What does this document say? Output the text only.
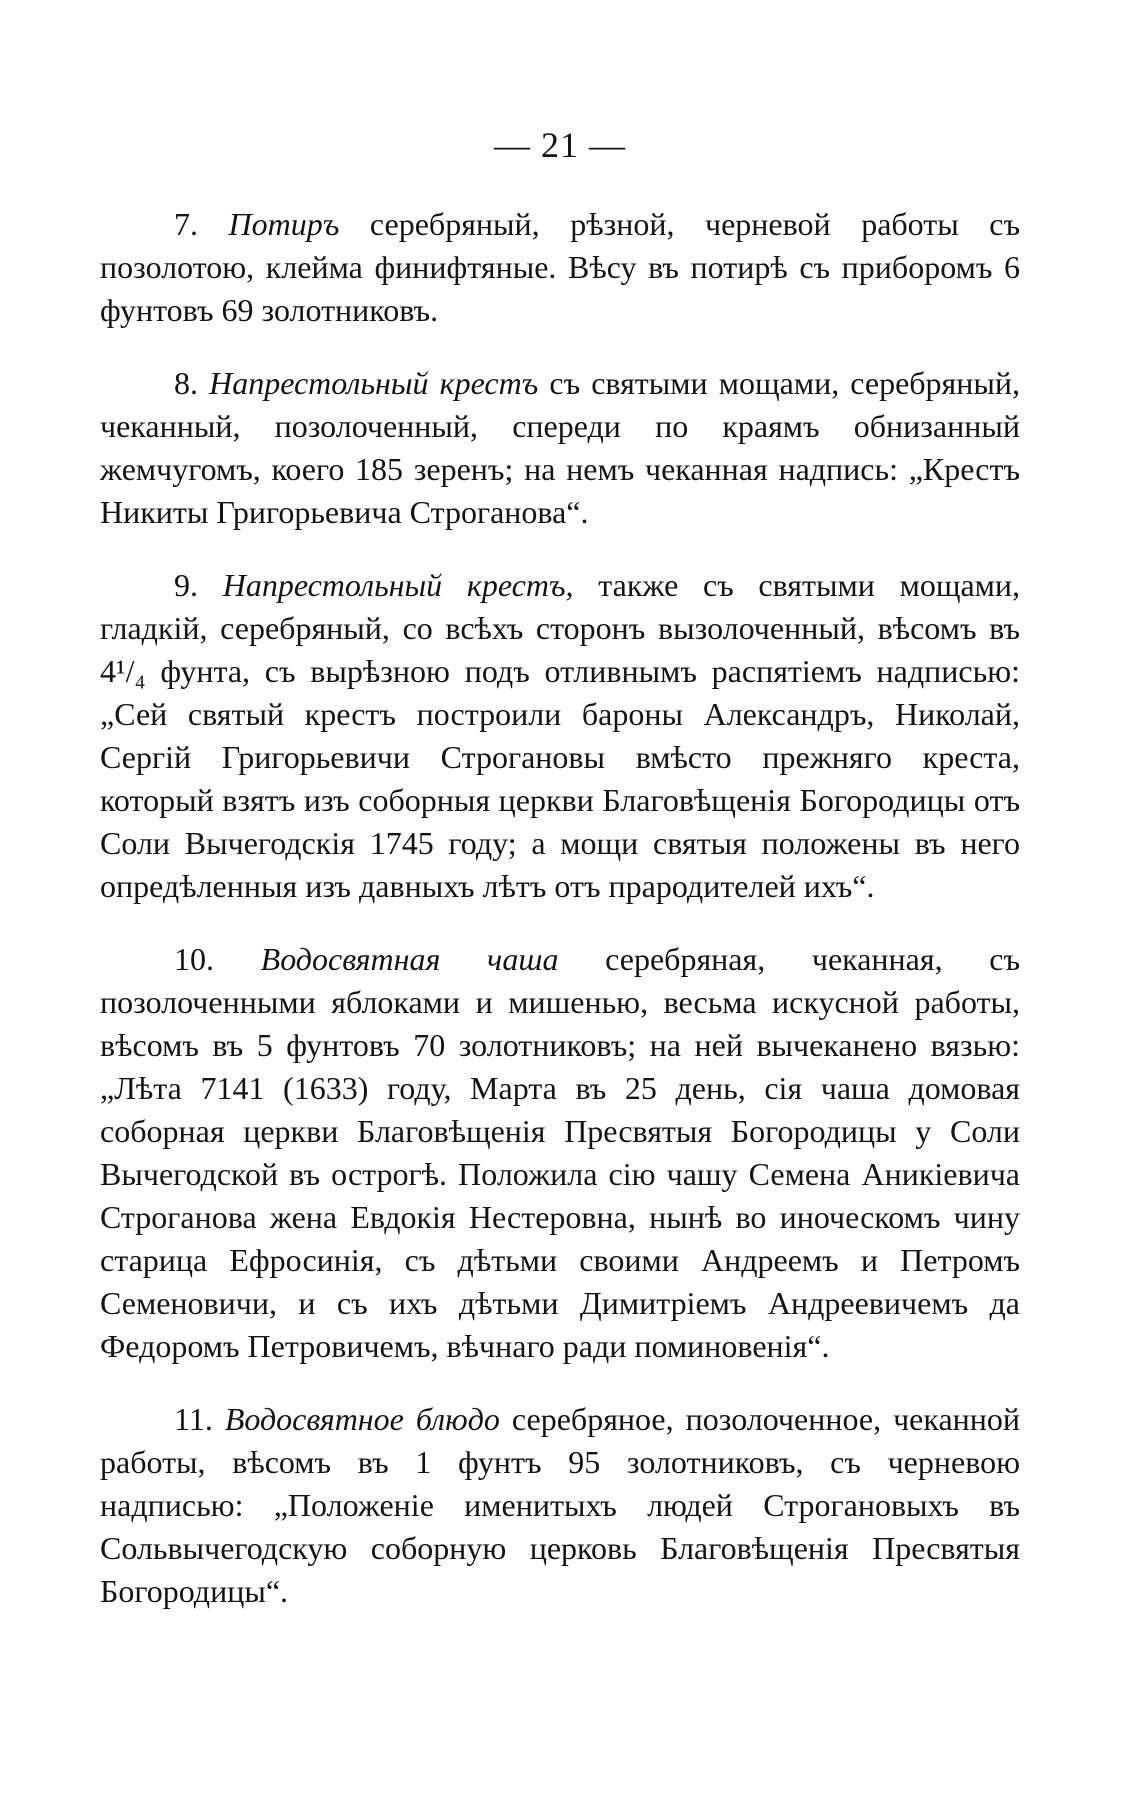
— 21 —

7. Потиръ серебряный, рѣзной, черневой работы съ позолотою, клейма финифтяные. Вѣсу въ потирѣ съ приборомъ 6 фунтовъ 69 золотниковъ.

8. Напрестольный крестъ съ святыми мощами, серебряный, чеканный, позолоченный, спереди по краямъ обнизанный жемчугомъ, коего 185 зеренъ; на немъ чеканная надпись: „Крестъ Никиты Григорьевича Строганова“.

9. Напрестольный крестъ, также съ святыми мощами, гладкій, серебряный, со всѣхъ сторонъ вызолоченный, вѣсомъ въ 4¹/₄ фунта, съ вырѣзною подъ отливнымъ распятіемъ надписью: „Сей святый крестъ построили бароны Александръ, Николай, Сергій Григорьевичи Строгановы вмѣсто прежняго креста, который взятъ изъ соборныя церкви Благовѣщенія Богородицы отъ Соли Вычегодскія 1745 году; а мощи святыя положены въ него опредѣленныя изъ давныхъ лѣтъ отъ прародителей ихъ“.

10. Водосвятная чаша серебряная, чеканная, съ позолоченными яблоками и мишенью, весьма искусной работы, вѣсомъ въ 5 фунтовъ 70 золотниковъ; на ней вычеканено вязью: „Лѣта 7141 (1633) году, Марта въ 25 день, сія чаша домовая соборная церкви Благовѣщенія Пресвятыя Богородицы у Соли Вычегодской въ острогѣ. Положила сію чашу Семена Аникіевича Строганова жена Евдокія Нестеровна, нынѣ во иноческомъ чину старица Ефросинія, съ дѣтьми своими Андреемъ и Петромъ Семеновичи, и съ ихъ дѣтьми Димитріемъ Андреевичемъ да Федоромъ Петровичемъ, вѣчнаго ради поминовенія“.

11. Водосвятное блюдо серебряное, позолоченное, чеканной работы, вѣсомъ въ 1 фунтъ 95 золотниковъ, съ черневою надписью: „Положеніе именитыхъ людей Строгановыхъ въ Сольвычегодскую соборную церковь Благовѣщенія Пресвятыя Богородицы“.
